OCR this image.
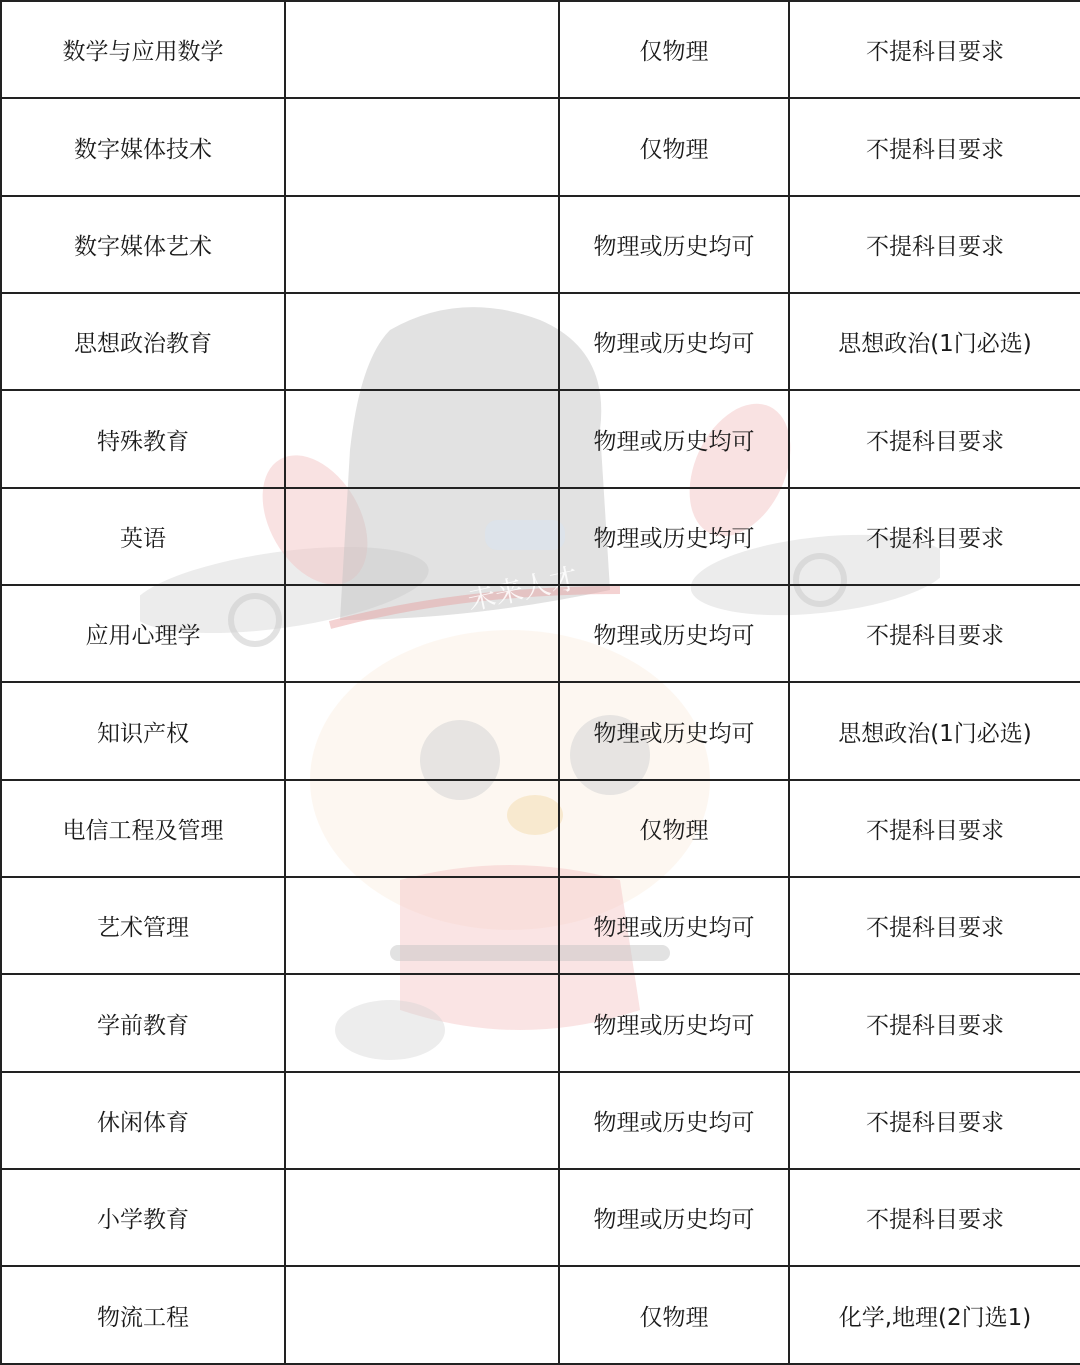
未来人才
数学与应用数学		仅物理	不提科目要求
数字媒体技术		仅物理	不提科目要求
数字媒体艺术		物理或历史均可	不提科目要求
思想政治教育		物理或历史均可	思想政治(1门必选)
特殊教育		物理或历史均可	不提科目要求
英语		物理或历史均可	不提科目要求
应用心理学		物理或历史均可	不提科目要求
知识产权		物理或历史均可	思想政治(1门必选)
电信工程及管理		仅物理	不提科目要求
艺术管理		物理或历史均可	不提科目要求
学前教育		物理或历史均可	不提科目要求
休闲体育		物理或历史均可	不提科目要求
小学教育		物理或历史均可	不提科目要求
物流工程		仅物理	化学,地理(2门选1)
